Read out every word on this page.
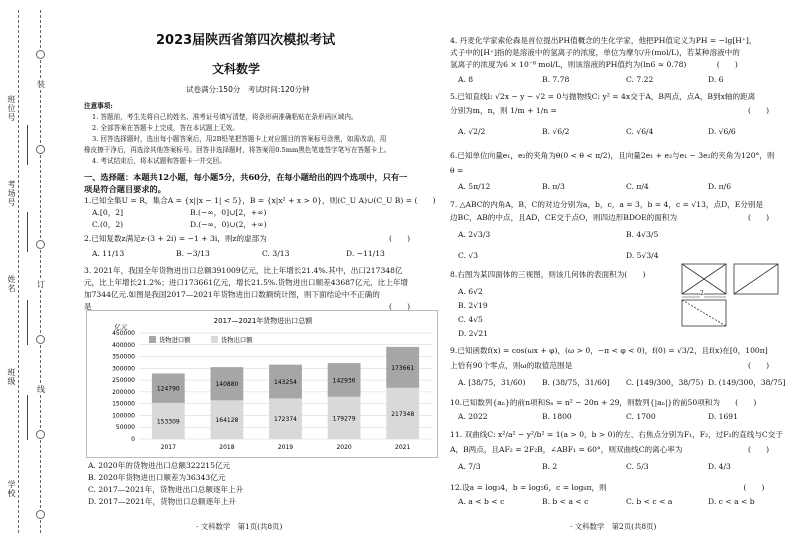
班位号
考场号
姓名
班级
学校
装
订
线
2023届陕西省第四次模拟考试
文科数学
试卷满分:150分　考试时间:120分钟
注意事项:
1. 答题前，考生先将自己的姓名、准考证号填写清楚，将条形码准确粘贴在条形码区域内。
2. 全部答案在答题卡上完成，答在本试题上无效。
3. 回答选择题时，选出每小题答案后，用2B铅笔把答题卡上对应题目的答案标号涂黑，如需改动，用
橡皮擦干净后，再选涂其他答案标号。回答非选择题时，将答案用0.5mm黑色笔迹签字笔写在答题卡上。
4. 考试结束后，将本试题和答题卡一并交回。
一、选择题：本题共12小题，每小题5分，共60分，在每小题给出的四个选项中，只有一
项是符合题目要求的。
1.已知全集U = R，集合A = {x||x − 1| < 5}，B = {x|x² + x > 0}，则(C_U A)∪(C_U B) = (　　)
A.[0，2]	B.(−∞，0]∪[2，+∞)
C.(0，2)	D.(−∞，0)∪(2，+∞)
2.已知复数z满足z·(3 + 2i) = −1 + 3i，则z的虚部为	(　　)
A. 11/13	B. −3/13	C. 3/13	D. −11/13
3. 2021年，我国全年货物进出口总额391009亿元，比上年增长21.4%.其中，出口217348亿
元，比上年增长21.2%；进口173661亿元，增长21.5%.货物进出口顺差43687亿元，比上年增
加7344亿元.如图是我国2017—2021年货物进出口数额统计图，则下面结论中不正确的
是	(　　)
2017—2021年货物进出口总额
亿元
0
50000
100000
150000
200000
250000
300000
350000
400000
450000
153309
124790
2017
164128
140880
2018
172374
143254
2019
179279
142936
2020
217348
173661
2021
货物进口额	货物出口额
A. 2020年的货物进出口总额322215亿元
B. 2020年货物进出口顺差为36343亿元
C. 2017—2021年，货物进出口总额逐年上升
D. 2017—2021年，货物出口总额逐年上升
· 文科数学　第1页(共8页)
4. 丹麦化学家索伦森是首位提出PH值概念的生化学家，他把PH值定义为PH = −lg[H⁺]，
式子中的[H⁺]指的是溶液中的氢离子的浓度，单位为摩尔/升(mol/L)，若某种溶液中的
氢离子的浓度为6 × 10⁻⁸ mol/L，则该溶液的PH值约为(ln6 ≈ 0.78)　　　　(　　)
A. 8	B. 7.78	C. 7.22	D. 6
5.已知直线l: √2x − y − √2 = 0与抛物线C: y² = 4x交于A，B两点，点A，B到x轴的距离
分别为m，n，则 1/m + 1/n =	(　　)
A. √2/2	B. √6/2	C. √6/4	D. √6/6
6.已知单位向量e₁，e₂的夹角为θ(0 < θ < π/2)，且向量2e₁ + e₂与e₁ − 3e₂的夹角为120°，则
θ =
A. 5π/12	B. π/3	C. π/4	D. π/6
7. △ABC的内角A，B，C的对边分别为a，b，c，a = 3，b = 4，c = √13，点D，E分别是
边BC，AB的中点，且AD，CE交于点O，则四边形BDOE的面积为	(　　)
A. 2√3/3	B. 4√3/5
C. √3	D. 5√3/4
8.右图为某四面体的三视图，则该几何体的表面积为(　　)
A. 6√2
B. 2√19
C. 4√5
D. 2√21
2
9.已知函数f(x) = cos(ωx + φ)，(ω > 0，−π < φ < 0)，f(0) = √3/2，且f(x)在[0，100π]
上恰有90个零点，则ω的取值范围是	(　　)
A. [38/75，31/60) B. (38/75，31/60] C. [149/300，38/75) D. (149/300，38/75]
10.已知数列{aₙ}的前n项和Sₙ = n² − 20n + 29，则数列{|aₙ|}的前50项和为　　(　　)
A. 2022	B. 1800	C. 1700	D. 1691
11. 双曲线C: x²/a² − y²/b² = 1(a > 0，b > 0)的左、右焦点分别为F₁，F₂，过F₂的直线与C交于
A，B两点，且AF₂ = 2F₂B，∠ABF₁ = 60°，则双曲线C的离心率为	(　　)
A. 7/3	B. 2	C. 5/3	D. 4/3
12.设a = log₃4，b = log₅6，c = log₈π，则　　　　　　　　　　　　　　　　　　(　　)
A. a < b < c	B. b < a < c	C. b < c < a	D. c < a < b
· 文科数学　第2页(共8页)
